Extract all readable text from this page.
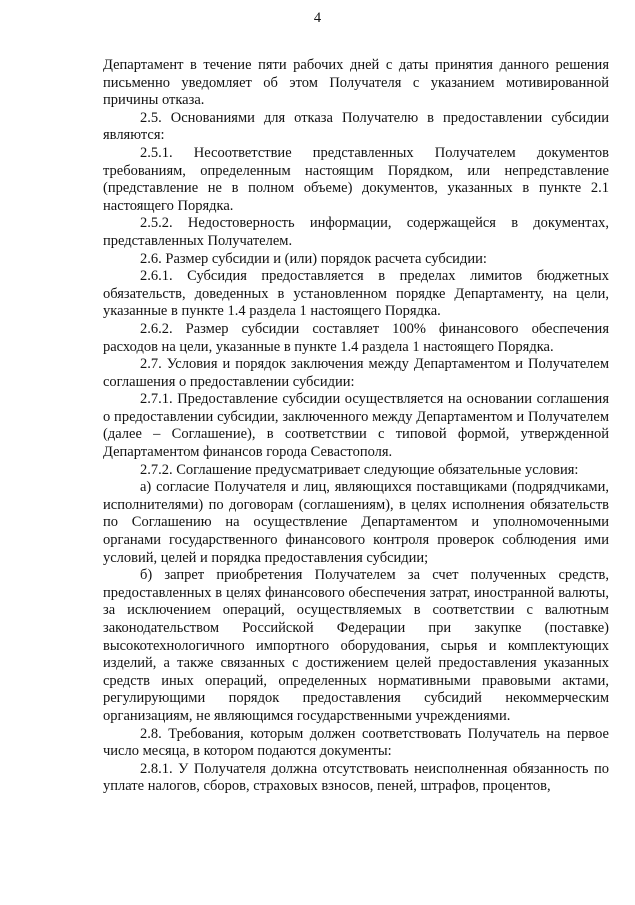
4

Департамент в течение пяти рабочих дней с даты принятия данного решения письменно уведомляет об этом Получателя с указанием мотивированной причины отказа.

2.5. Основаниями для отказа Получателю в предоставлении субсидии являются:

2.5.1. Несоответствие представленных Получателем документов требованиям, определенным настоящим Порядком, или непредставление (представление не в полном объеме) документов, указанных в пункте 2.1 настоящего Порядка.

2.5.2. Недостоверность информации, содержащейся в документах, представленных Получателем.

2.6. Размер субсидии и (или) порядок расчета субсидии:

2.6.1. Субсидия предоставляется в пределах лимитов бюджетных обязательств, доведенных в установленном порядке Департаменту, на цели, указанные в пункте 1.4 раздела 1 настоящего Порядка.

2.6.2. Размер субсидии составляет 100% финансового обеспечения расходов на цели, указанные в пункте 1.4 раздела 1 настоящего Порядка.

2.7. Условия и порядок заключения между Департаментом и Получателем соглашения о предоставлении субсидии:

2.7.1. Предоставление субсидии осуществляется на основании соглашения о предоставлении субсидии, заключенного между Департаментом и Получателем (далее – Соглашение), в соответствии с типовой формой, утвержденной Департаментом финансов города Севастополя.

2.7.2. Соглашение предусматривает следующие обязательные условия:

а) согласие Получателя и лиц, являющихся поставщиками (подрядчиками, исполнителями) по договорам (соглашениям), в целях исполнения обязательств по Соглашению на осуществление Департаментом и уполномоченными органами государственного финансового контроля проверок соблюдения ими условий, целей и порядка предоставления субсидии;

б) запрет приобретения Получателем за счет полученных средств, предоставленных в целях финансового обеспечения затрат, иностранной валюты, за исключением операций, осуществляемых в соответствии с валютным законодательством Российской Федерации при закупке (поставке) высокотехнологичного импортного оборудования, сырья и комплектующих изделий, а также связанных с достижением целей предоставления указанных средств иных операций, определенных нормативными правовыми актами, регулирующими порядок предоставления субсидий некоммерческим организациям, не являющимся государственными учреждениями.

2.8. Требования, которым должен соответствовать Получатель на первое число месяца, в котором подаются документы:

2.8.1. У Получателя должна отсутствовать неисполненная обязанность по уплате налогов, сборов, страховых взносов, пеней, штрафов, процентов,
